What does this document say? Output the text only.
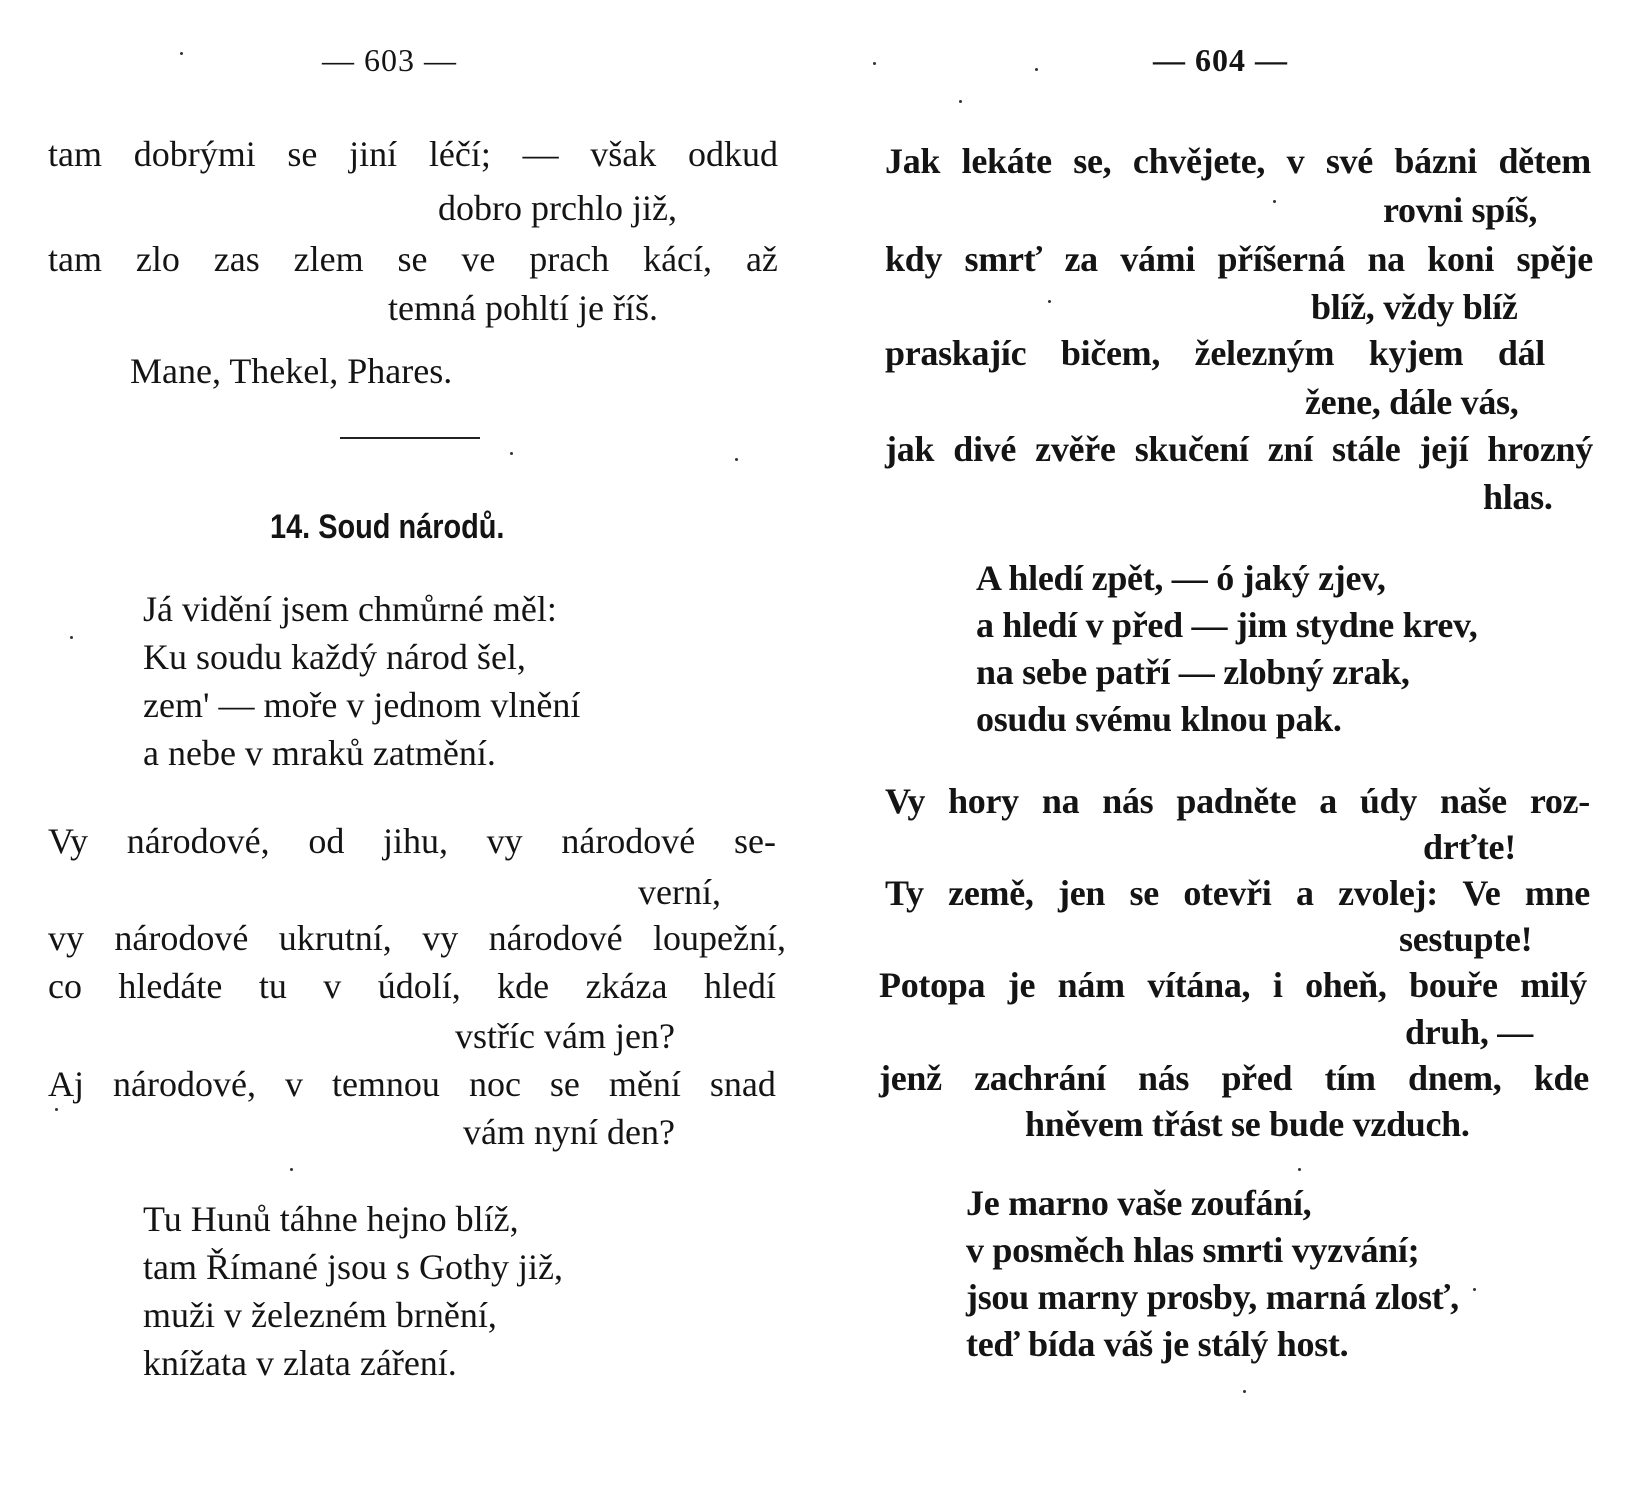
— 603 —
tam dobrými se jiní léčí; — však odkud
dobro prchlo již,
tam zlo zas zlem se ve prach kácí, až
temná pohltí je říš.
Mane, Thekel, Phares.
14. Soud národů.
Já vidění jsem chmůrné měl:
Ku soudu každý národ šel,
zem' — moře v jednom vlnění
a nebe v mraků zatmění.
Vy národové, od jihu, vy národové se-
verní,
vy národové ukrutní, vy národové loupežní,
co hledáte tu v údolí, kde zkáza hledí
vstříc vám jen?
Aj národové, v temnou noc se mění snad
vám nyní den?
Tu Hunů táhne hejno blíž,
tam Římané jsou s Gothy již,
muži v železném brnění,
knížata v zlata záření.
— 604 —
Jak lekáte se, chvějete, v své bázni dětem
rovni spíš,
kdy smrť za vámi příšerná na koni spěje
blíž, vždy blíž
praskajíc bičem, železným kyjem dál
žene, dále vás,
jak divé zvěře skučení zní stále její hrozný
hlas.
A hledí zpět, — ó jaký zjev,
a hledí v před — jim stydne krev,
na sebe patří — zlobný zrak,
osudu svému klnou pak.
Vy hory na nás padněte a údy naše roz-
drťte!
Ty země, jen se otevři a zvolej: Ve mne
sestupte!
Potopa je nám vítána, i oheň, bouře milý
druh, —
jenž zachrání nás před tím dnem, kde
hněvem třást se bude vzduch.
Je marno vaše zoufání,
v posměch hlas smrti vyzvání;
jsou marny prosby, marná zlosť,
teď bída váš je stálý host.
